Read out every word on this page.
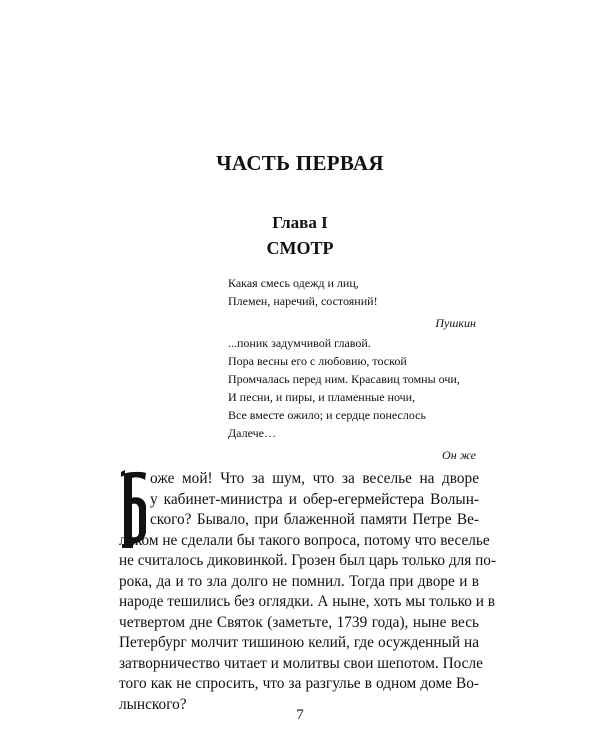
ЧАСТЬ ПЕРВАЯ
Глава I
СМОТР
Какая смесь одежд и лиц,
Племен, наречий, состояний!
Пушкин
...поник задумчивой главой.
Пора весны его с любовию, тоской
Промчалась перед ним. Красавиц томны очи,
И песни, и пиры, и пламенные ночи,
Все вместе ожило; и сердце понеслось
Далече…
Он же
оже мой! Что за шум, что за веселье на дворе
у кабинет-министра и обер-егермейстера Волын-
ского? Бывало, при блаженной памяти Петре Ве-
ликом не сделали бы такого вопроса, потому что веселье
не считалось диковинкой. Грозен был царь только для по-
рока, да и то зла долго не помнил. Тогда при дворе и в
народе тешились без оглядки. А ныне, хоть мы только и в
четвертом дне Святок (заметьте, 1739 года), ныне весь
Петербург молчит тишиною келий, где осужденный на
затворничество читает и молитвы свои шепотом. После
того как не спросить, что за разгулье в одном доме Во-
лынского?
7
